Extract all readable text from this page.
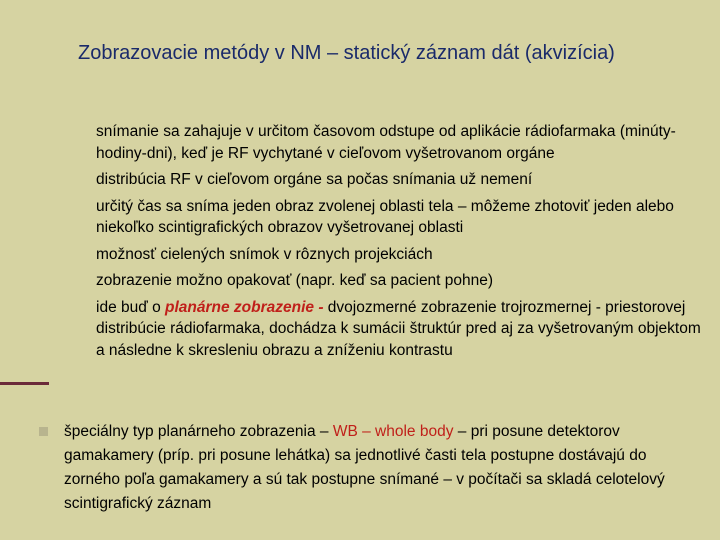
Zobrazovacie metódy v NM – statický záznam dát (akvizícia)

snímanie sa zahajuje v určitom časovom odstupe od aplikácie rádiofarmaka (minúty-hodiny-dni), keď je RF vychytané v cieľovom vyšetrovanom orgáne

distribúcia RF v cieľovom orgáne sa počas snímania už nemení

určitý čas sa sníma jeden obraz zvolenej oblasti tela – môžeme zhotoviť jeden alebo niekoľko scintigrafických obrazov vyšetrovanej oblasti

možnosť cielených snímok v rôznych projekciách

zobrazenie možno opakovať (napr. keď sa pacient pohne)

ide buď o planárne zobrazenie - dvojozmerné zobrazenie trojrozmernej - priestorovej distribúcie rádiofarmaka, dochádza k sumácii štruktúr pred aj za vyšetrovaným objektom a následne k skresleniu obrazu a zníženiu kontrastu

špeciálny typ planárneho zobrazenia – WB – whole body – pri posune detektorov gamakamery (príp. pri posune lehátka) sa jednotlivé časti tela postupne dostávajú do zorného poľa gamakamery a sú tak postupne snímané – v počítači sa skladá celotelový scintigrafický záznam
